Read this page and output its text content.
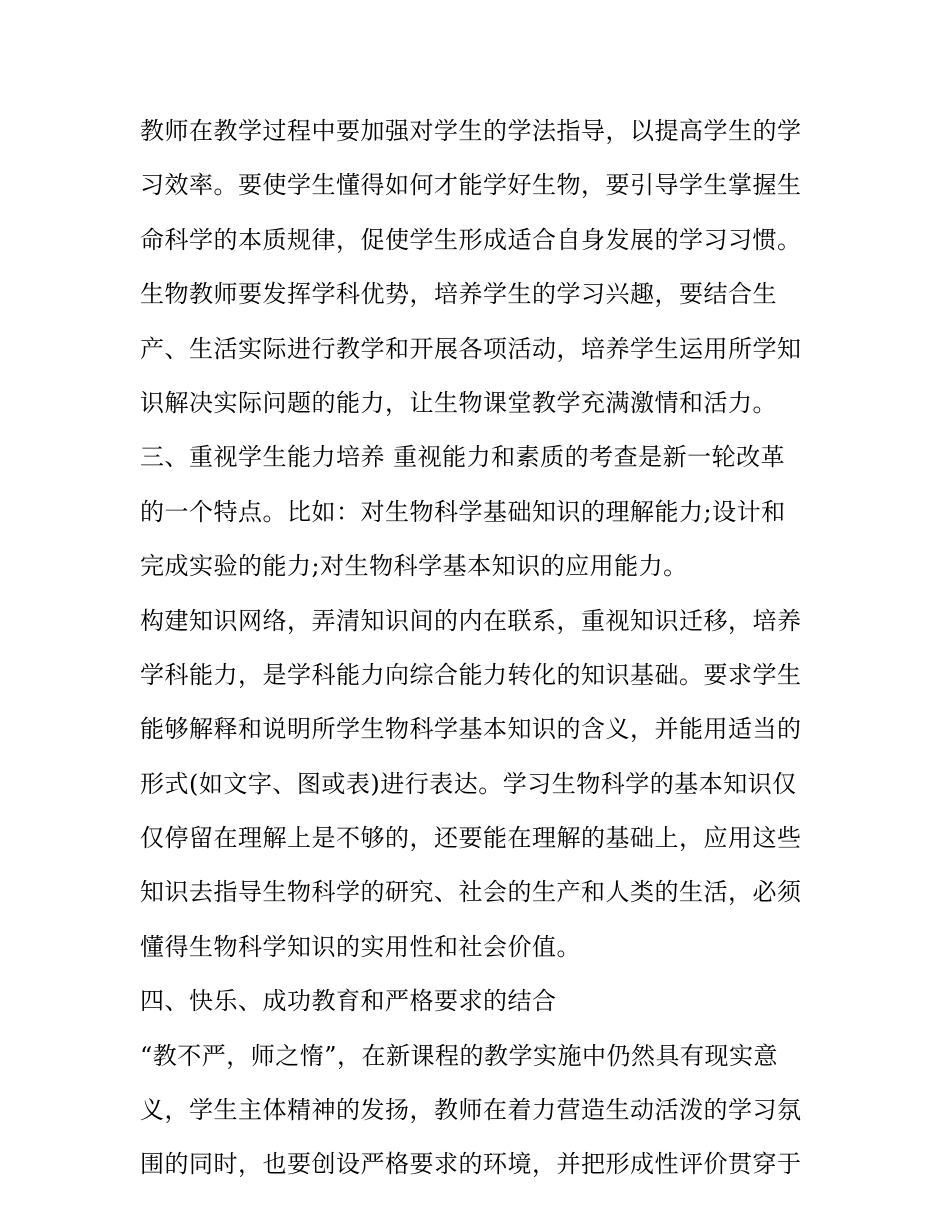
教师在教学过程中要加强对学生的学法指导，以提高学生的学
习效率。要使学生懂得如何才能学好生物，要引导学生掌握生
命科学的本质规律，促使学生形成适合自身发展的学习习惯。
生物教师要发挥学科优势，培养学生的学习兴趣，要结合生
产、生活实际进行教学和开展各项活动，培养学生运用所学知
识解决实际问题的能力，让生物课堂教学充满激情和活力。
三、重视学生能力培养 重视能力和素质的考查是新一轮改革
的一个特点。比如：对生物科学基础知识的理解能力;设计和
完成实验的能力;对生物科学基本知识的应用能力。
构建知识网络，弄清知识间的内在联系，重视知识迁移，培养
学科能力，是学科能力向综合能力转化的知识基础。要求学生
能够解释和说明所学生物科学基本知识的含义，并能用适当的
形式(如文字、图或表)进行表达。学习生物科学的基本知识仅
仅停留在理解上是不够的，还要能在理解的基础上，应用这些
知识去指导生物科学的研究、社会的生产和人类的生活，必须
懂得生物科学知识的实用性和社会价值。
四、快乐、成功教育和严格要求的结合
“教不严，师之惰”，在新课程的教学实施中仍然具有现实意
义，学生主体精神的发扬，教师在着力营造生动活泼的学习氛
围的同时，也要创设严格要求的环境，并把形成性评价贯穿于
